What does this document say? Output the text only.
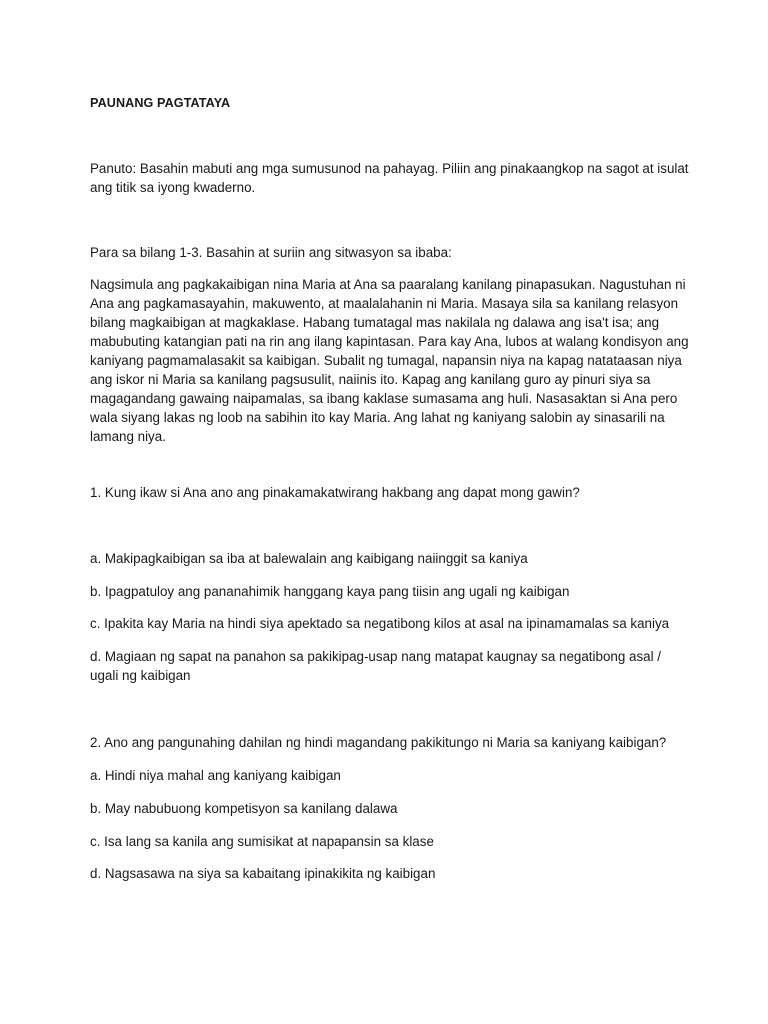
PAUNANG PAGTATAYA

Panuto: Basahin mabuti ang mga sumusunod na pahayag. Piliin ang pinakaangkop na sagot at isulat ang titik sa iyong kwaderno.

Para sa bilang 1-3. Basahin at suriin ang sitwasyon sa ibaba:

Nagsimula ang pagkakaibigan nina Maria at Ana sa paaralang kanilang pinapasukan. Nagustuhan ni Ana ang pagkamasayahin, makuwento, at maalalahanin ni Maria. Masaya sila sa kanilang relasyon bilang magkaibigan at magkaklase. Habang tumatagal mas nakilala ng dalawa ang isa't isa; ang mabubuting katangian pati na rin ang ilang kapintasan. Para kay Ana, lubos at walang kondisyon ang kaniyang pagmamalasakit sa kaibigan. Subalit ng tumagal, napansin niya na kapag natataasan niya ang iskor ni Maria sa kanilang pagsusulit, naiinis ito. Kapag ang kanilang guro ay pinuri siya sa magagandang gawaing naipamalas, sa ibang kaklase sumasama ang huli. Nasasaktan si Ana pero wala siyang lakas ng loob na sabihin ito kay Maria. Ang lahat ng kaniyang salobin ay sinasarili na lamang niya.

1. Kung ikaw si Ana ano ang pinakamakatwirang hakbang ang dapat mong gawin?

a. Makipagkaibigan sa iba at balewalain ang kaibigang naiinggit sa kaniya

b. Ipagpatuloy ang pananahimik hanggang kaya pang tiisin ang ugali ng kaibigan

c. Ipakita kay Maria na hindi siya apektado sa negatibong kilos at asal na ipinamamalas sa kaniya

d. Magiaan ng sapat na panahon sa pakikipag-usap nang matapat kaugnay sa negatibong asal / ugali ng kaibigan

2. Ano ang pangunahing dahilan ng hindi magandang pakikitungo ni Maria sa kaniyang kaibigan?

a. Hindi niya mahal ang kaniyang kaibigan

b. May nabubuong kompetisyon sa kanilang dalawa

c. Isa lang sa kanila ang sumisikat at napapansin sa klase

d. Nagsasawa na siya sa kabaitang ipinakikita ng kaibigan
